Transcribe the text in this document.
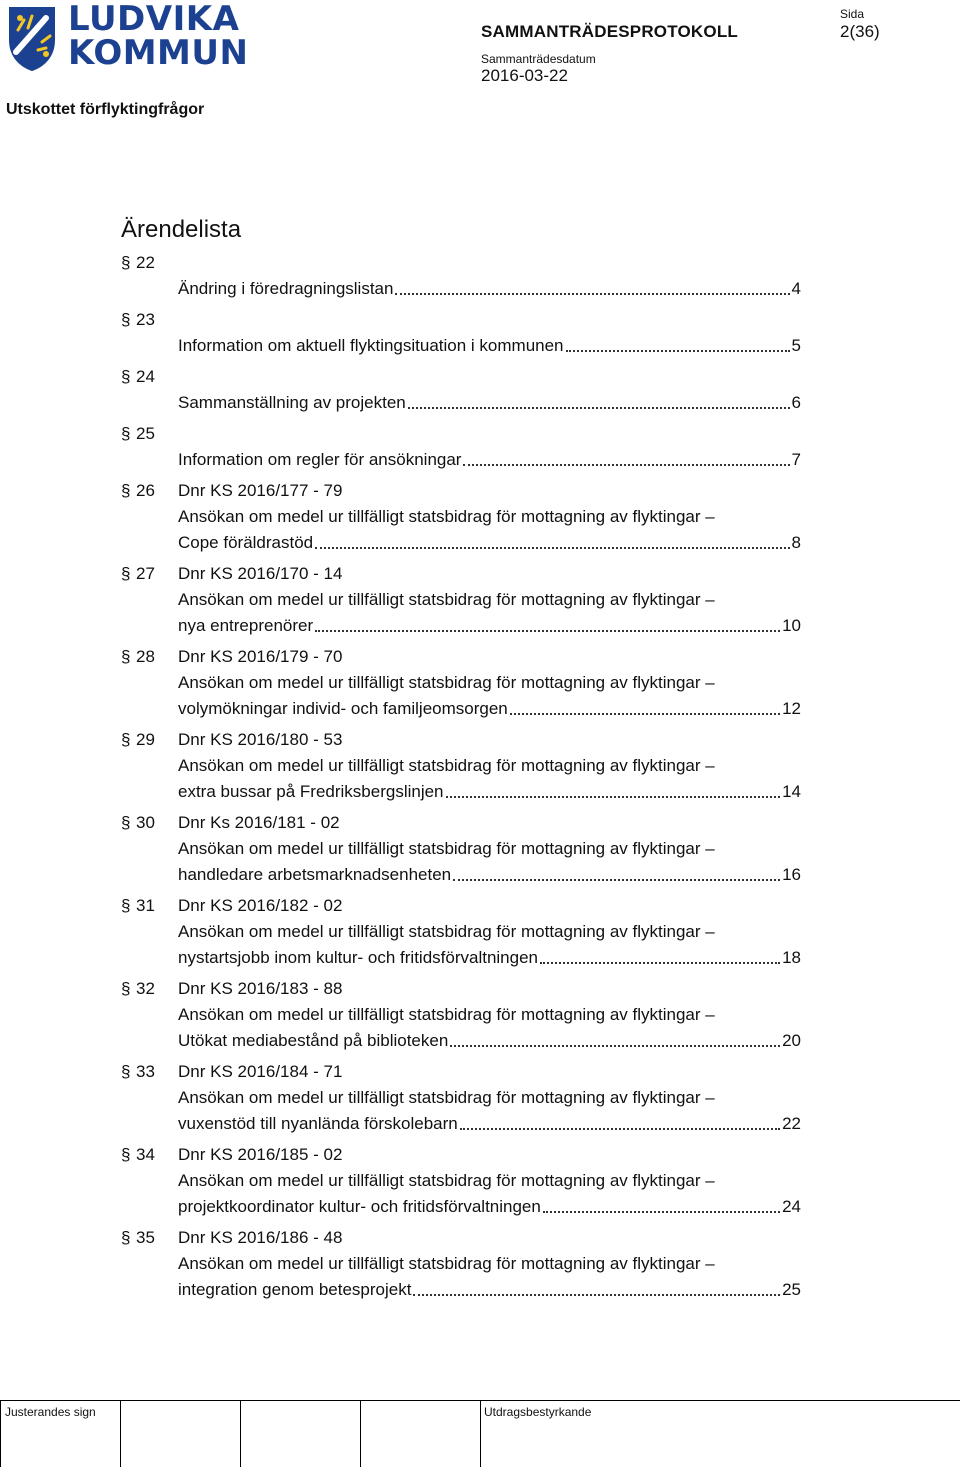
LUDVIKA
KOMMUN
SAMMANTRÄDESPROTOKOLL
Sammanträdesdatum
2016-03-22
Sida
2(36)
Utskottet förflyktingfrågor
Ärendelista
§ 22
Ändring i föredragningslistan	4
§ 23
Information om aktuell flyktingsituation i kommunen	5
§ 24
Sammanställning av projekten	6
§ 25
Information om regler för ansökningar	7
§ 26 Dnr KS 2016/177 - 79
Ansökan om medel ur tillfälligt statsbidrag för mottagning av flyktingar –
Cope föräldrastöd	8
§ 27 Dnr KS 2016/170 - 14
Ansökan om medel ur tillfälligt statsbidrag för mottagning av flyktingar –
nya entreprenörer	10
§ 28 Dnr KS 2016/179 - 70
Ansökan om medel ur tillfälligt statsbidrag för mottagning av flyktingar –
volymökningar individ- och familjeomsorgen	12
§ 29 Dnr KS 2016/180 - 53
Ansökan om medel ur tillfälligt statsbidrag för mottagning av flyktingar –
extra bussar på Fredriksbergslinjen	14
§ 30 Dnr Ks 2016/181 - 02
Ansökan om medel ur tillfälligt statsbidrag för mottagning av flyktingar –
handledare arbetsmarknadsenheten	16
§ 31 Dnr KS 2016/182 - 02
Ansökan om medel ur tillfälligt statsbidrag för mottagning av flyktingar –
nystartsjobb inom kultur- och fritidsförvaltningen	18
§ 32 Dnr KS 2016/183 - 88
Ansökan om medel ur tillfälligt statsbidrag för mottagning av flyktingar –
Utökat mediabestånd på biblioteken	20
§ 33 Dnr KS 2016/184 - 71
Ansökan om medel ur tillfälligt statsbidrag för mottagning av flyktingar –
vuxenstöd till nyanlända förskolebarn	22
§ 34 Dnr KS 2016/185 - 02
Ansökan om medel ur tillfälligt statsbidrag för mottagning av flyktingar –
projektkoordinator kultur- och fritidsförvaltningen	24
§ 35 Dnr KS 2016/186 - 48
Ansökan om medel ur tillfälligt statsbidrag för mottagning av flyktingar –
integration genom betesprojekt	25
Justerandes sign	Utdragsbestyrkande
